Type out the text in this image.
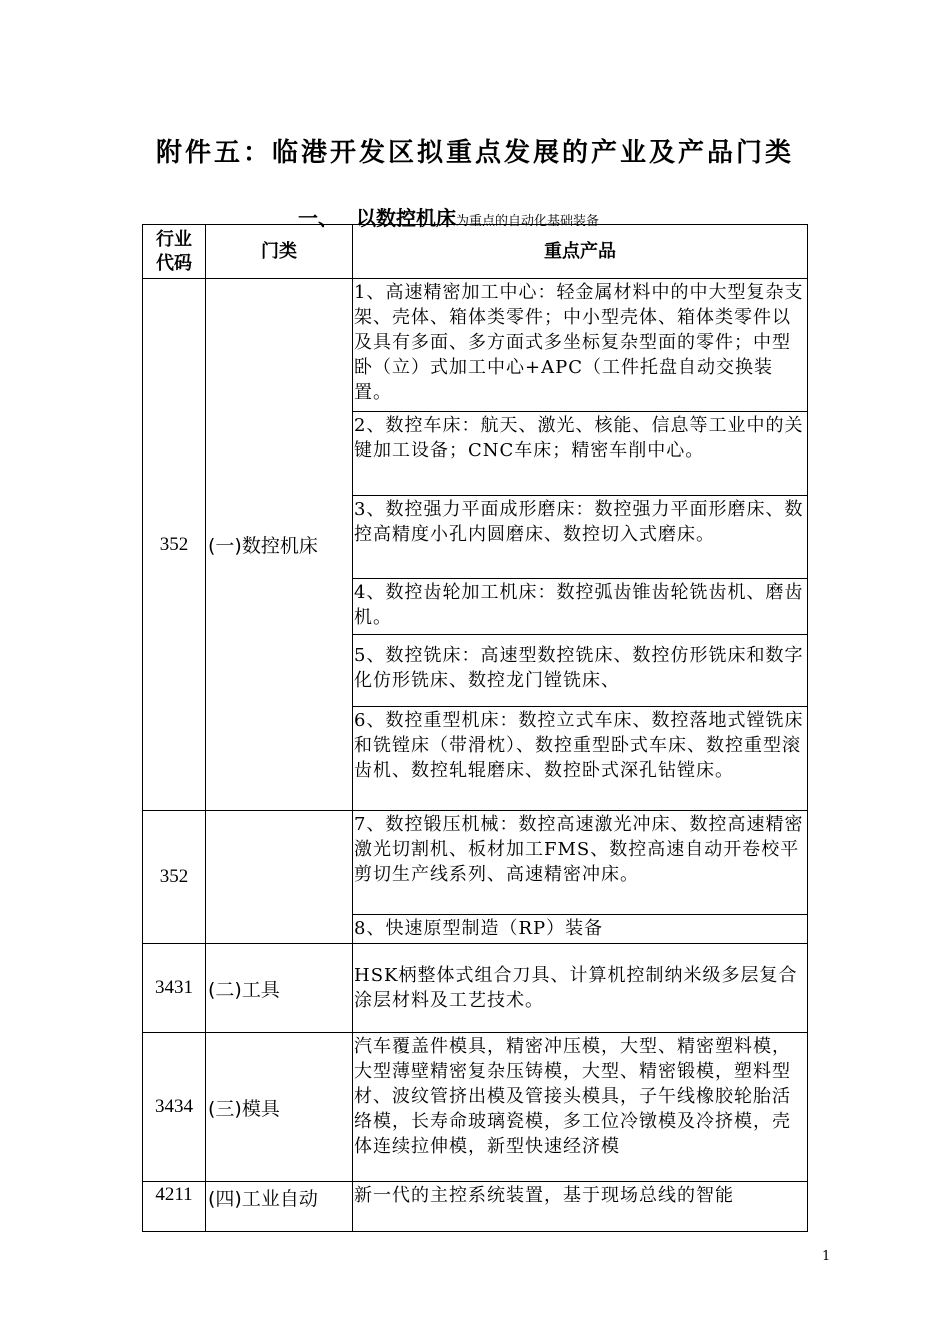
附件五：临港开发区拟重点发展的产业及产品门类
一、 以数控机床为重点的自动化基础装备
行业代码	门类	重点产品
352	(一)数控机床	1、高速精密加工中心：轻金属材料中的中大型复杂支架、壳体、箱体类零件；中小型壳体、箱体类零件以及具有多面、多方面式多坐标复杂型面的零件；中型卧（立）式加工中心+APC（工件托盘自动交换装置。
		2、数控车床：航天、激光、核能、信息等工业中的关键加工设备；CNC车床；精密车削中心。
		3、数控强力平面成形磨床：数控强力平面形磨床、数控高精度小孔内圆磨床、数控切入式磨床。
		4、数控齿轮加工机床：数控弧齿锥齿轮铣齿机、磨齿机。
		5、数控铣床：高速型数控铣床、数控仿形铣床和数字化仿形铣床、数控龙门镗铣床、
		6、数控重型机床：数控立式车床、数控落地式镗铣床和铣镗床（带滑枕）、数控重型卧式车床、数控重型滚齿机、数控轧辊磨床、数控卧式深孔钻镗床。
352		7、数控锻压机械：数控高速激光冲床、数控高速精密激光切割机、板材加工FMS、数控高速自动开卷校平剪切生产线系列、高速精密冲床。
		8、快速原型制造（RP）装备
3431	(二)工具	HSK柄整体式组合刀具、计算机控制纳米级多层复合涂层材料及工艺技术。
3434	(三)模具	汽车覆盖件模具，精密冲压模，大型、精密塑料模，大型薄壁精密复杂压铸模，大型、精密锻模，塑料型材、波纹管挤出模及管接头模具，子午线橡胶轮胎活络模，长寿命玻璃瓷模，多工位冷镦模及冷挤模，壳体连续拉伸模，新型快速经济模
4211	(四)工业自动	新一代的主控系统装置，基于现场总线的智能
1
